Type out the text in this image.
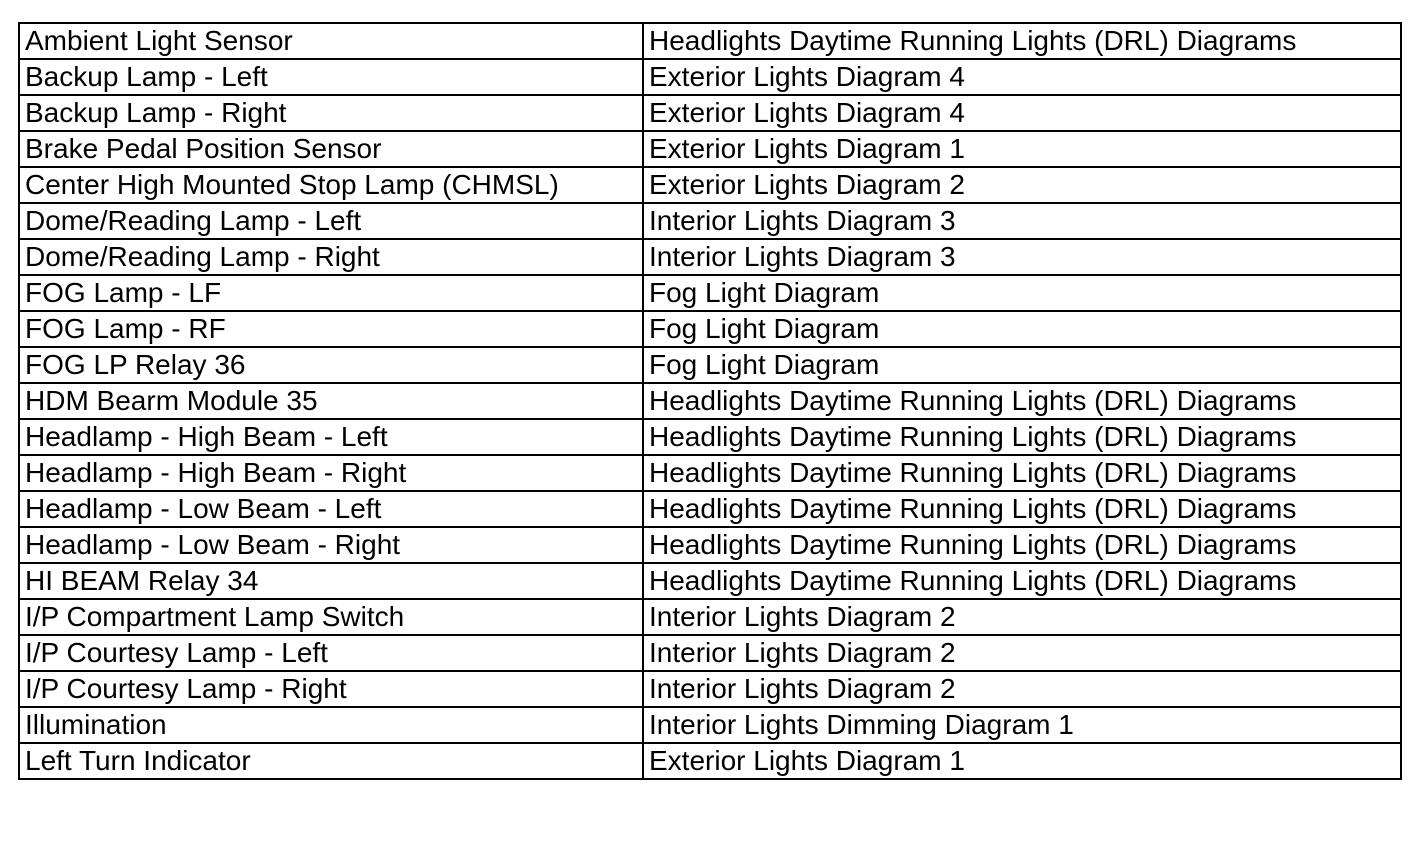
Ambient Light Sensor	Headlights Daytime Running Lights (DRL) Diagrams
Backup Lamp - Left	Exterior Lights Diagram 4
Backup Lamp - Right	Exterior Lights Diagram 4
Brake Pedal Position Sensor	Exterior Lights Diagram 1
Center High Mounted Stop Lamp (CHMSL)	Exterior Lights Diagram 2
Dome/Reading Lamp - Left	Interior Lights Diagram 3
Dome/Reading Lamp - Right	Interior Lights Diagram 3
FOG Lamp - LF	Fog Light Diagram
FOG Lamp - RF	Fog Light Diagram
FOG LP Relay 36	Fog Light Diagram
HDM Bearm Module 35	Headlights Daytime Running Lights (DRL) Diagrams
Headlamp - High Beam - Left	Headlights Daytime Running Lights (DRL) Diagrams
Headlamp - High Beam - Right	Headlights Daytime Running Lights (DRL) Diagrams
Headlamp - Low Beam - Left	Headlights Daytime Running Lights (DRL) Diagrams
Headlamp - Low Beam - Right	Headlights Daytime Running Lights (DRL) Diagrams
HI BEAM Relay 34	Headlights Daytime Running Lights (DRL) Diagrams
I/P Compartment Lamp Switch	Interior Lights Diagram 2
I/P Courtesy Lamp - Left	Interior Lights Diagram 2
I/P Courtesy Lamp - Right	Interior Lights Diagram 2
Illumination	Interior Lights Dimming Diagram 1
Left Turn Indicator	Exterior Lights Diagram 1
